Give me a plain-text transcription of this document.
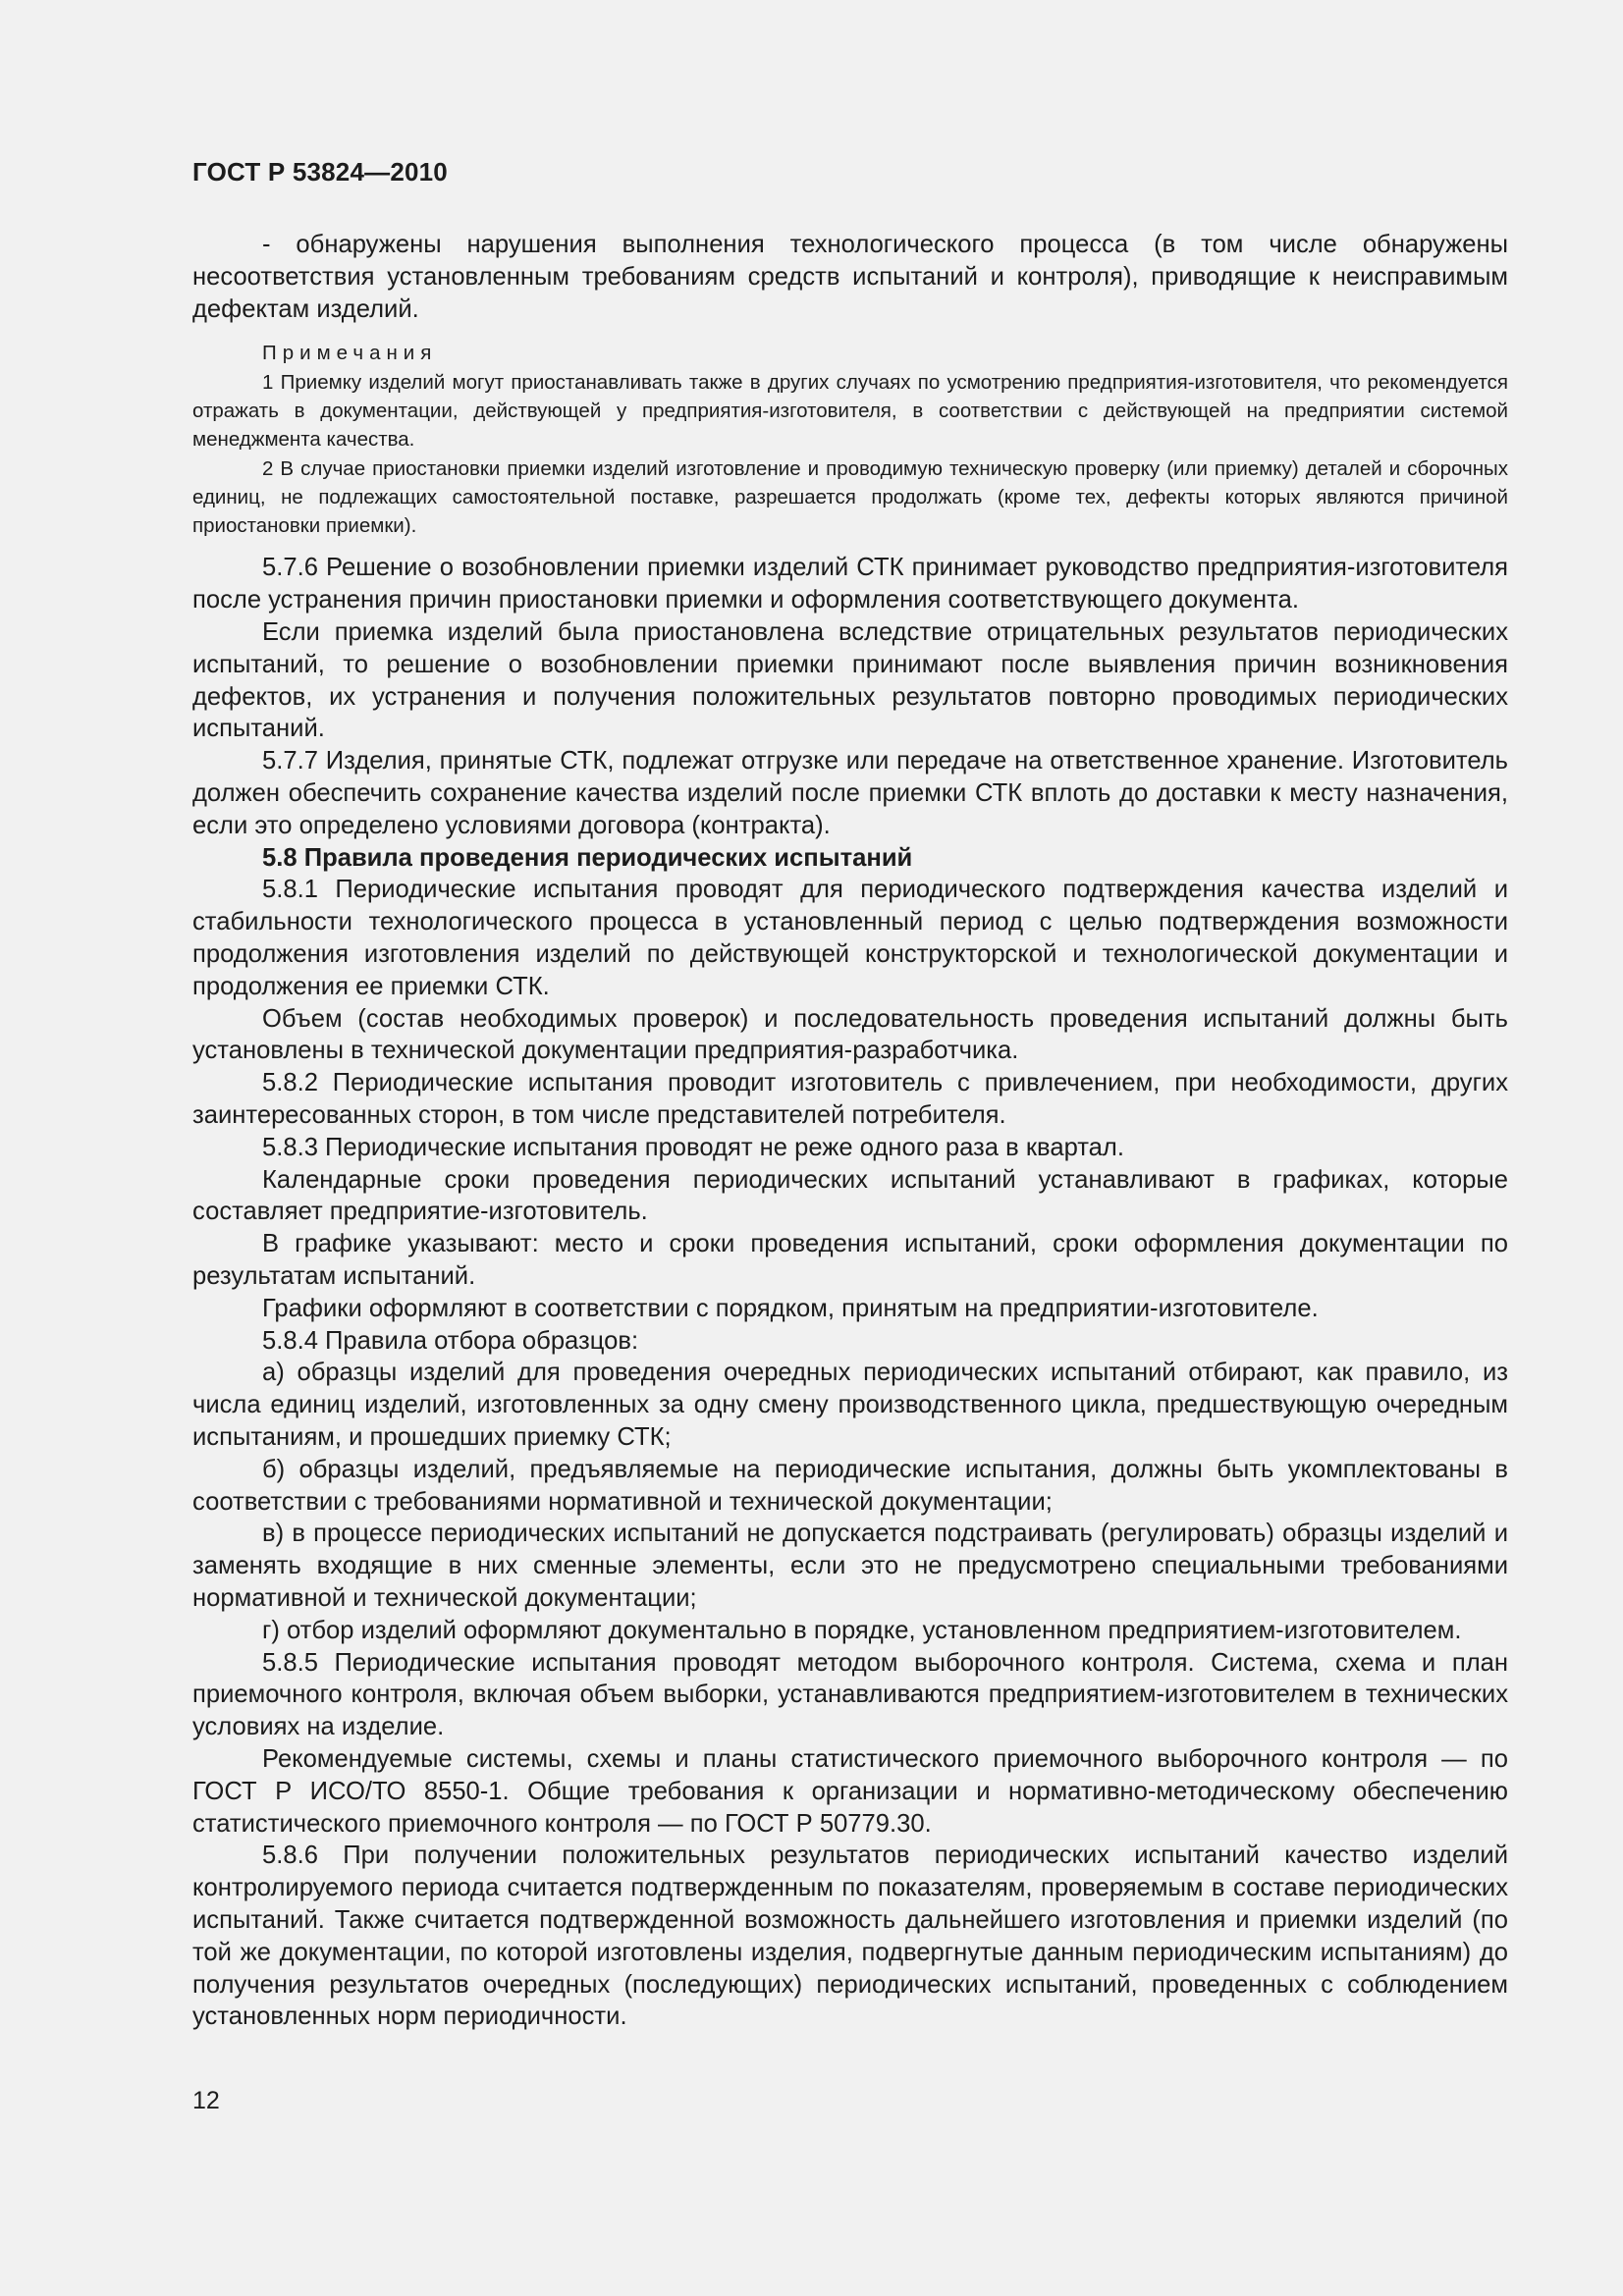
ГОСТ Р 53824—2010

- обнаружены нарушения выполнения технологического процесса (в том числе обнаружены несоответствия установленным требованиям средств испытаний и контроля), приводящие к неисправимым дефектам изделий.

Примечания

1 Приемку изделий могут приостанавливать также в других случаях по усмотрению предприятия-изготовителя, что рекомендуется отражать в документации, действующей у предприятия-изготовителя, в соответствии с действующей на предприятии системой менеджмента качества.

2 В случае приостановки приемки изделий изготовление и проводимую техническую проверку (или приемку) деталей и сборочных единиц, не подлежащих самостоятельной поставке, разрешается продолжать (кроме тех, дефекты которых являются причиной приостановки приемки).

5.7.6 Решение о возобновлении приемки изделий СТК принимает руководство предприятия-изготовителя после устранения причин приостановки приемки и оформления соответствующего документа.

Если приемка изделий была приостановлена вследствие отрицательных результатов периодических испытаний, то решение о возобновлении приемки принимают после выявления причин возникновения дефектов, их устранения и получения положительных результатов повторно проводимых периодических испытаний.

5.7.7 Изделия, принятые СТК, подлежат отгрузке или передаче на ответственное хранение. Изготовитель должен обеспечить сохранение качества изделий после приемки СТК вплоть до доставки к месту назначения, если это определено условиями договора (контракта).

5.8 Правила проведения периодических испытаний

5.8.1 Периодические испытания проводят для периодического подтверждения качества изделий и стабильности технологического процесса в установленный период с целью подтверждения возможности продолжения изготовления изделий по действующей конструкторской и технологической документации и продолжения ее приемки СТК.

Объем (состав необходимых проверок) и последовательность проведения испытаний должны быть установлены в технической документации предприятия-разработчика.

5.8.2 Периодические испытания проводит изготовитель с привлечением, при необходимости, других заинтересованных сторон, в том числе представителей потребителя.

5.8.3 Периодические испытания проводят не реже одного раза в квартал.

Календарные сроки проведения периодических испытаний устанавливают в графиках, которые составляет предприятие-изготовитель.

В графике указывают: место и сроки проведения испытаний, сроки оформления документации по результатам испытаний.

Графики оформляют в соответствии с порядком, принятым на предприятии-изготовителе.

5.8.4 Правила отбора образцов:

а) образцы изделий для проведения очередных периодических испытаний отбирают, как правило, из числа единиц изделий, изготовленных за одну смену производственного цикла, предшествующую очередным испытаниям, и прошедших приемку СТК;

б) образцы изделий, предъявляемые на периодические испытания, должны быть укомплектованы в соответствии с требованиями нормативной и технической документации;

в) в процессе периодических испытаний не допускается подстраивать (регулировать) образцы изделий и заменять входящие в них сменные элементы, если это не предусмотрено специальными требованиями нормативной и технической документации;

г) отбор изделий оформляют документально в порядке, установленном предприятием-изготовителем.

5.8.5 Периодические испытания проводят методом выборочного контроля. Система, схема и план приемочного контроля, включая объем выборки, устанавливаются предприятием-изготовителем в технических условиях на изделие.

Рекомендуемые системы, схемы и планы статистического приемочного выборочного контроля — по ГОСТ Р ИСО/ТО 8550-1. Общие требования к организации и нормативно-методическому обеспечению статистического приемочного контроля — по ГОСТ Р 50779.30.

5.8.6 При получении положительных результатов периодических испытаний качество изделий контролируемого периода считается подтвержденным по показателям, проверяемым в составе периодических испытаний. Также считается подтвержденной возможность дальнейшего изготовления и приемки изделий (по той же документации, по которой изготовлены изделия, подвергнутые данным периодическим испытаниям) до получения результатов очередных (последующих) периодических испытаний, проведенных с соблюдением установленных норм периодичности.

12
